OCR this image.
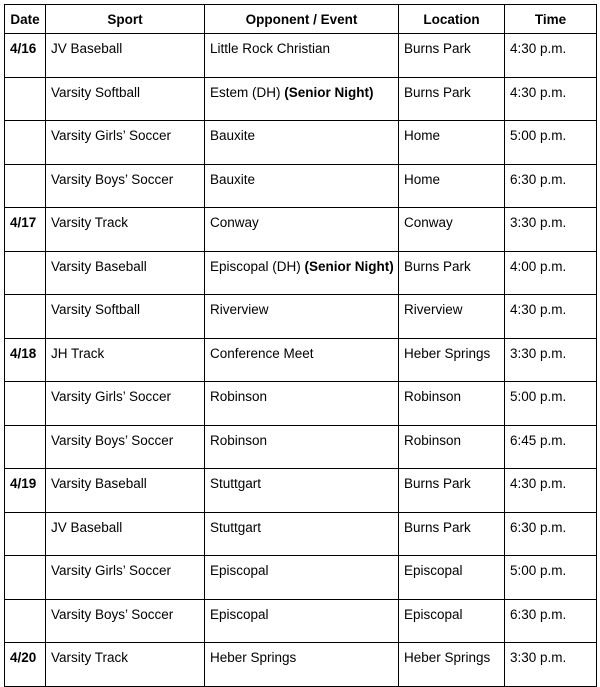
Date	Sport	Opponent / Event	Location	Time
4/16	JV Baseball	Little Rock Christian	Burns Park	4:30 p.m.
	Varsity Softball	Estem (DH) (Senior Night)	Burns Park	4:30 p.m.
	Varsity Girls’ Soccer	Bauxite	Home	5:00 p.m.
	Varsity Boys’ Soccer	Bauxite	Home	6:30 p.m.
4/17	Varsity Track	Conway	Conway	3:30 p.m.
	Varsity Baseball	Episcopal (DH) (Senior Night)	Burns Park	4:00 p.m.
	Varsity Softball	Riverview	Riverview	4:30 p.m.
4/18	JH Track	Conference Meet	Heber Springs	3:30 p.m.
	Varsity Girls’ Soccer	Robinson	Robinson	5:00 p.m.
	Varsity Boys’ Soccer	Robinson	Robinson	6:45 p.m.
4/19	Varsity Baseball	Stuttgart	Burns Park	4:30 p.m.
	JV Baseball	Stuttgart	Burns Park	6:30 p.m.
	Varsity Girls’ Soccer	Episcopal	Episcopal	5:00 p.m.
	Varsity Boys’ Soccer	Episcopal	Episcopal	6:30 p.m.
4/20	Varsity Track	Heber Springs	Heber Springs	3:30 p.m.
